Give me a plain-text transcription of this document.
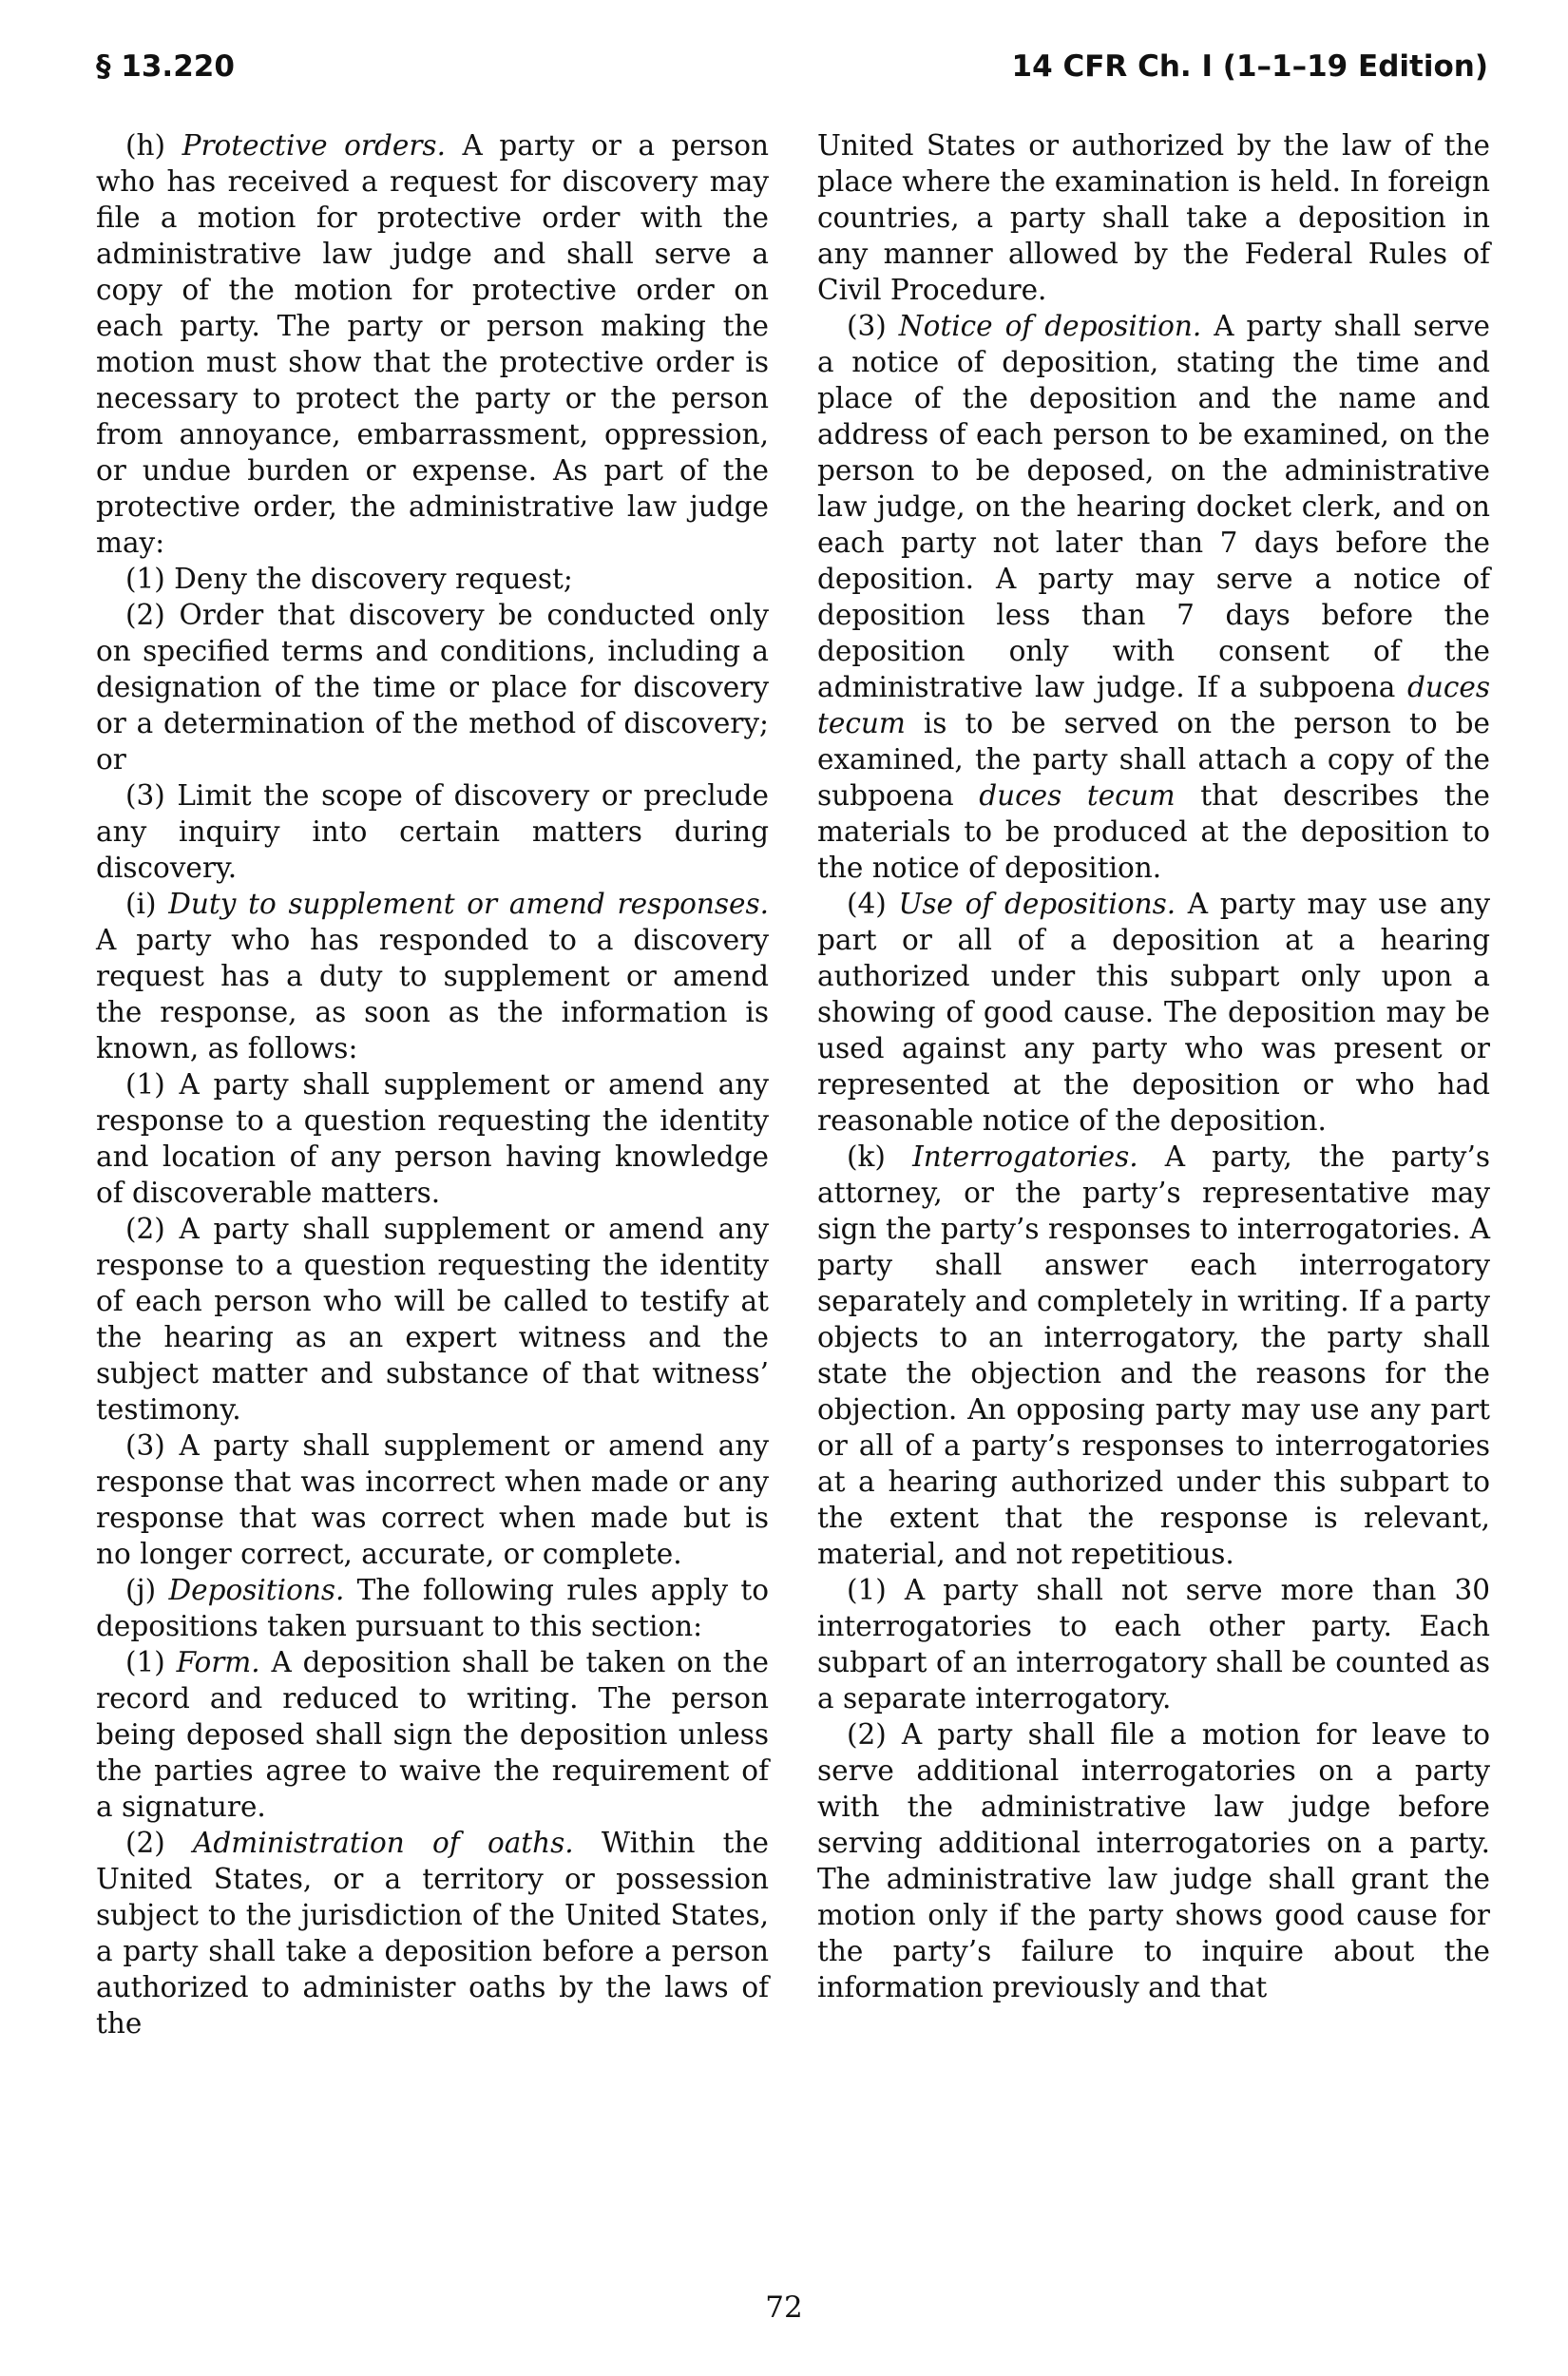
§ 13.220	14 CFR Ch. I (1–1–19 Edition)

(h) Protective orders. A party or a person who has received a request for discovery may file a motion for protective order with the administrative law judge and shall serve a copy of the motion for protective order on each party. The party or person making the motion must show that the protective order is necessary to protect the party or the person from annoyance, embarrassment, oppression, or undue burden or expense. As part of the protective order, the administrative law judge may:

(1) Deny the discovery request;

(2) Order that discovery be conducted only on specified terms and conditions, including a designation of the time or place for discovery or a determination of the method of discovery; or

(3) Limit the scope of discovery or preclude any inquiry into certain matters during discovery.

(i) Duty to supplement or amend responses. A party who has responded to a discovery request has a duty to supplement or amend the response, as soon as the information is known, as follows:

(1) A party shall supplement or amend any response to a question requesting the identity and location of any person having knowledge of discoverable matters.

(2) A party shall supplement or amend any response to a question requesting the identity of each person who will be called to testify at the hearing as an expert witness and the subject matter and substance of that witness’ testimony.

(3) A party shall supplement or amend any response that was incorrect when made or any response that was correct when made but is no longer correct, accurate, or complete.

(j) Depositions. The following rules apply to depositions taken pursuant to this section:

(1) Form. A deposition shall be taken on the record and reduced to writing. The person being deposed shall sign the deposition unless the parties agree to waive the requirement of a signature.

(2) Administration of oaths. Within the United States, or a territory or possession subject to the jurisdiction of the United States, a party shall take a deposition before a person authorized to administer oaths by the laws of the

United States or authorized by the law of the place where the examination is held. In foreign countries, a party shall take a deposition in any manner allowed by the Federal Rules of Civil Procedure.

(3) Notice of deposition. A party shall serve a notice of deposition, stating the time and place of the deposition and the name and address of each person to be examined, on the person to be deposed, on the administrative law judge, on the hearing docket clerk, and on each party not later than 7 days before the deposition. A party may serve a notice of deposition less than 7 days before the deposition only with consent of the administrative law judge. If a subpoena duces tecum is to be served on the person to be examined, the party shall attach a copy of the subpoena duces tecum that describes the materials to be produced at the deposition to the notice of deposition.

(4) Use of depositions. A party may use any part or all of a deposition at a hearing authorized under this subpart only upon a showing of good cause. The deposition may be used against any party who was present or represented at the deposition or who had reasonable notice of the deposition.

(k) Interrogatories. A party, the party’s attorney, or the party’s representative may sign the party’s responses to interrogatories. A party shall answer each interrogatory separately and completely in writing. If a party objects to an interrogatory, the party shall state the objection and the reasons for the objection. An opposing party may use any part or all of a party’s responses to interrogatories at a hearing authorized under this subpart to the extent that the response is relevant, material, and not repetitious.

(1) A party shall not serve more than 30 interrogatories to each other party. Each subpart of an interrogatory shall be counted as a separate interrogatory.

(2) A party shall file a motion for leave to serve additional interrogatories on a party with the administrative law judge before serving additional interrogatories on a party. The administrative law judge shall grant the motion only if the party shows good cause for the party’s failure to inquire about the information previously and that

72
